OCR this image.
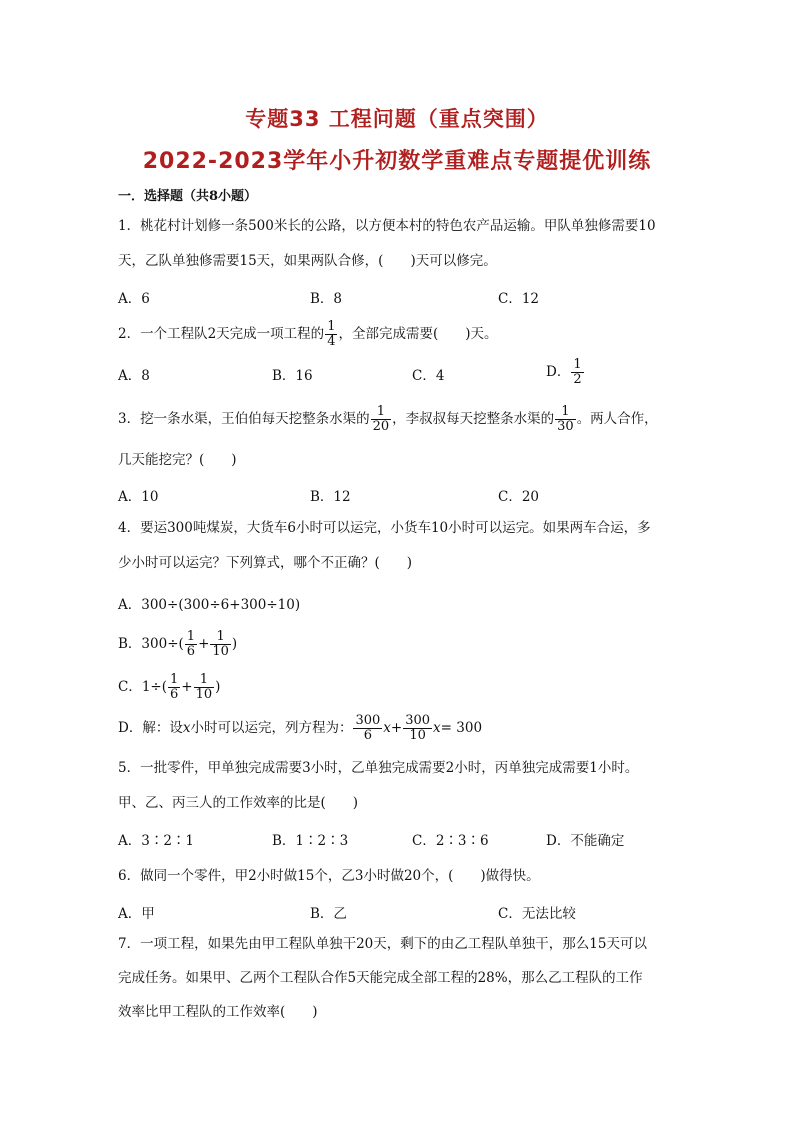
专题33 工程问题（重点突围）
2022-2023学年小升初数学重难点专题提优训练
一．选择题（共8小题）
1．桃花村计划修一条500米长的公路，以方便本村的特色农产品运输。甲队单独修需要10
天，乙队单独修需要15天，如果两队合修，(　　)天可以修完。
A．6	B．8	C．12
2．一个工程队2天完成一项工程的 $\frac{1}{4}$ ，全部完成需要(　　)天。
A．8	B．16	C．4	D． $\frac{1}{2}$
3．挖一条水渠，王伯伯每天挖整条水渠的 $\frac{1}{20}$ ，李叔叔每天挖整条水渠的 $\frac{1}{30}$ 。两人合作，
几天能挖完？(　　)
A．10	B．12	C．20
4．要运300吨煤炭，大货车6小时可以运完，小货车10小时可以运完。如果两车合运，多
少小时可以运完？下列算式，哪个不正确？(　　)
A．300÷(300÷6+300÷10)
B．$300\div( \frac{1}{6} + \frac{1}{10}$ )
C．$1\div( \frac{1}{6} + \frac{1}{10}$ )
D．解：设x小时可以运完，列方程为： $\frac{300}{6} x+ \frac{300}{10} x= 300$
5．一批零件，甲单独完成需要3小时，乙单独完成需要2小时，丙单独完成需要1小时。
甲、乙、丙三人的工作效率的比是(　　)
A．3∶2∶1	B．1∶2∶3	C．2∶3∶6	D．不能确定
6．做同一个零件，甲2小时做15个，乙3小时做20个，(　　)做得快。
A．甲	B．乙	C．无法比较
7．一项工程，如果先由甲工程队单独干20天，剩下的由乙工程队单独干，那么15天可以
完成任务。如果甲、乙两个工程队合作5天能完成全部工程的28%，那么乙工程队的工作
效率比甲工程队的工作效率(　　)
